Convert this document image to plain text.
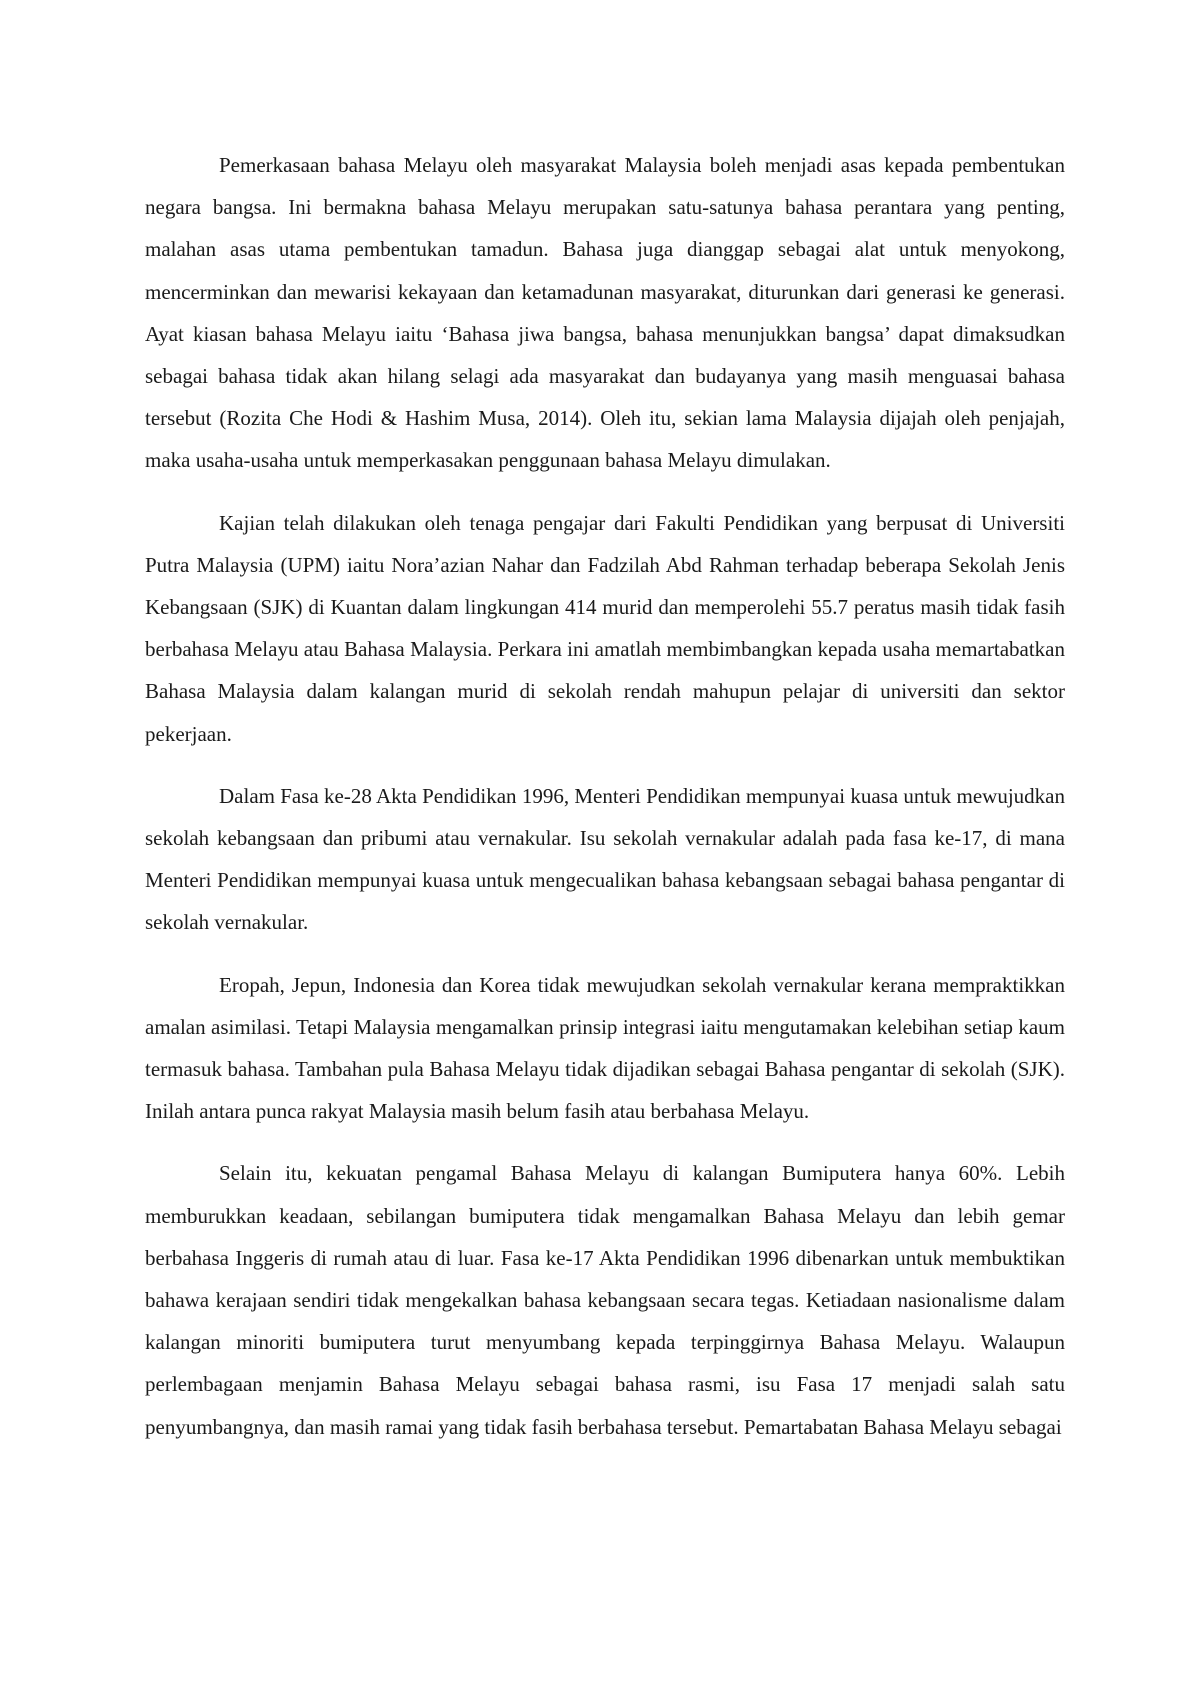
Pemerkasaan bahasa Melayu oleh masyarakat Malaysia boleh menjadi asas kepada pembentukan negara bangsa. Ini bermakna bahasa Melayu merupakan satu-satunya bahasa perantara yang penting, malahan asas utama pembentukan tamadun. Bahasa juga dianggap sebagai alat untuk menyokong, mencerminkan dan mewarisi kekayaan dan ketamadunan masyarakat, diturunkan dari generasi ke generasi. Ayat kiasan bahasa Melayu iaitu ‘Bahasa jiwa bangsa, bahasa menunjukkan bangsa’ dapat dimaksudkan sebagai bahasa tidak akan hilang selagi ada masyarakat dan budayanya yang masih menguasai bahasa tersebut (Rozita Che Hodi & Hashim Musa, 2014). Oleh itu, sekian lama Malaysia dijajah oleh penjajah, maka usaha-usaha untuk memperkasakan penggunaan bahasa Melayu dimulakan.

Kajian telah dilakukan oleh tenaga pengajar dari Fakulti Pendidikan yang berpusat di Universiti Putra Malaysia (UPM) iaitu Nora’azian Nahar dan Fadzilah Abd Rahman terhadap beberapa Sekolah Jenis Kebangsaan (SJK) di Kuantan dalam lingkungan 414 murid dan memperolehi 55.7 peratus masih tidak fasih berbahasa Melayu atau Bahasa Malaysia. Perkara ini amatlah membimbangkan kepada usaha memartabatkan Bahasa Malaysia dalam kalangan murid di sekolah rendah mahupun pelajar di universiti dan sektor pekerjaan.

Dalam Fasa ke-28 Akta Pendidikan 1996, Menteri Pendidikan mempunyai kuasa untuk mewujudkan sekolah kebangsaan dan pribumi atau vernakular. Isu sekolah vernakular adalah pada fasa ke-17, di mana Menteri Pendidikan mempunyai kuasa untuk mengecualikan bahasa kebangsaan sebagai bahasa pengantar di sekolah vernakular.

Eropah, Jepun, Indonesia dan Korea tidak mewujudkan sekolah vernakular kerana mempraktikkan amalan asimilasi. Tetapi Malaysia mengamalkan prinsip integrasi iaitu mengutamakan kelebihan setiap kaum termasuk bahasa. Tambahan pula Bahasa Melayu tidak dijadikan sebagai Bahasa pengantar di sekolah (SJK). Inilah antara punca rakyat Malaysia masih belum fasih atau berbahasa Melayu.

Selain itu, kekuatan pengamal Bahasa Melayu di kalangan Bumiputera hanya 60%. Lebih memburukkan keadaan, sebilangan bumiputera tidak mengamalkan Bahasa Melayu dan lebih gemar berbahasa Inggeris di rumah atau di luar. Fasa ke-17 Akta Pendidikan 1996 dibenarkan untuk membuktikan bahawa kerajaan sendiri tidak mengekalkan bahasa kebangsaan secara tegas. Ketiadaan nasionalisme dalam kalangan minoriti bumiputera turut menyumbang kepada terpinggirnya Bahasa Melayu. Walaupun perlembagaan menjamin Bahasa Melayu sebagai bahasa rasmi, isu Fasa 17 menjadi salah satu penyumbangnya, dan masih ramai yang tidak fasih berbahasa tersebut. Pemartabatan Bahasa Melayu sebagai
